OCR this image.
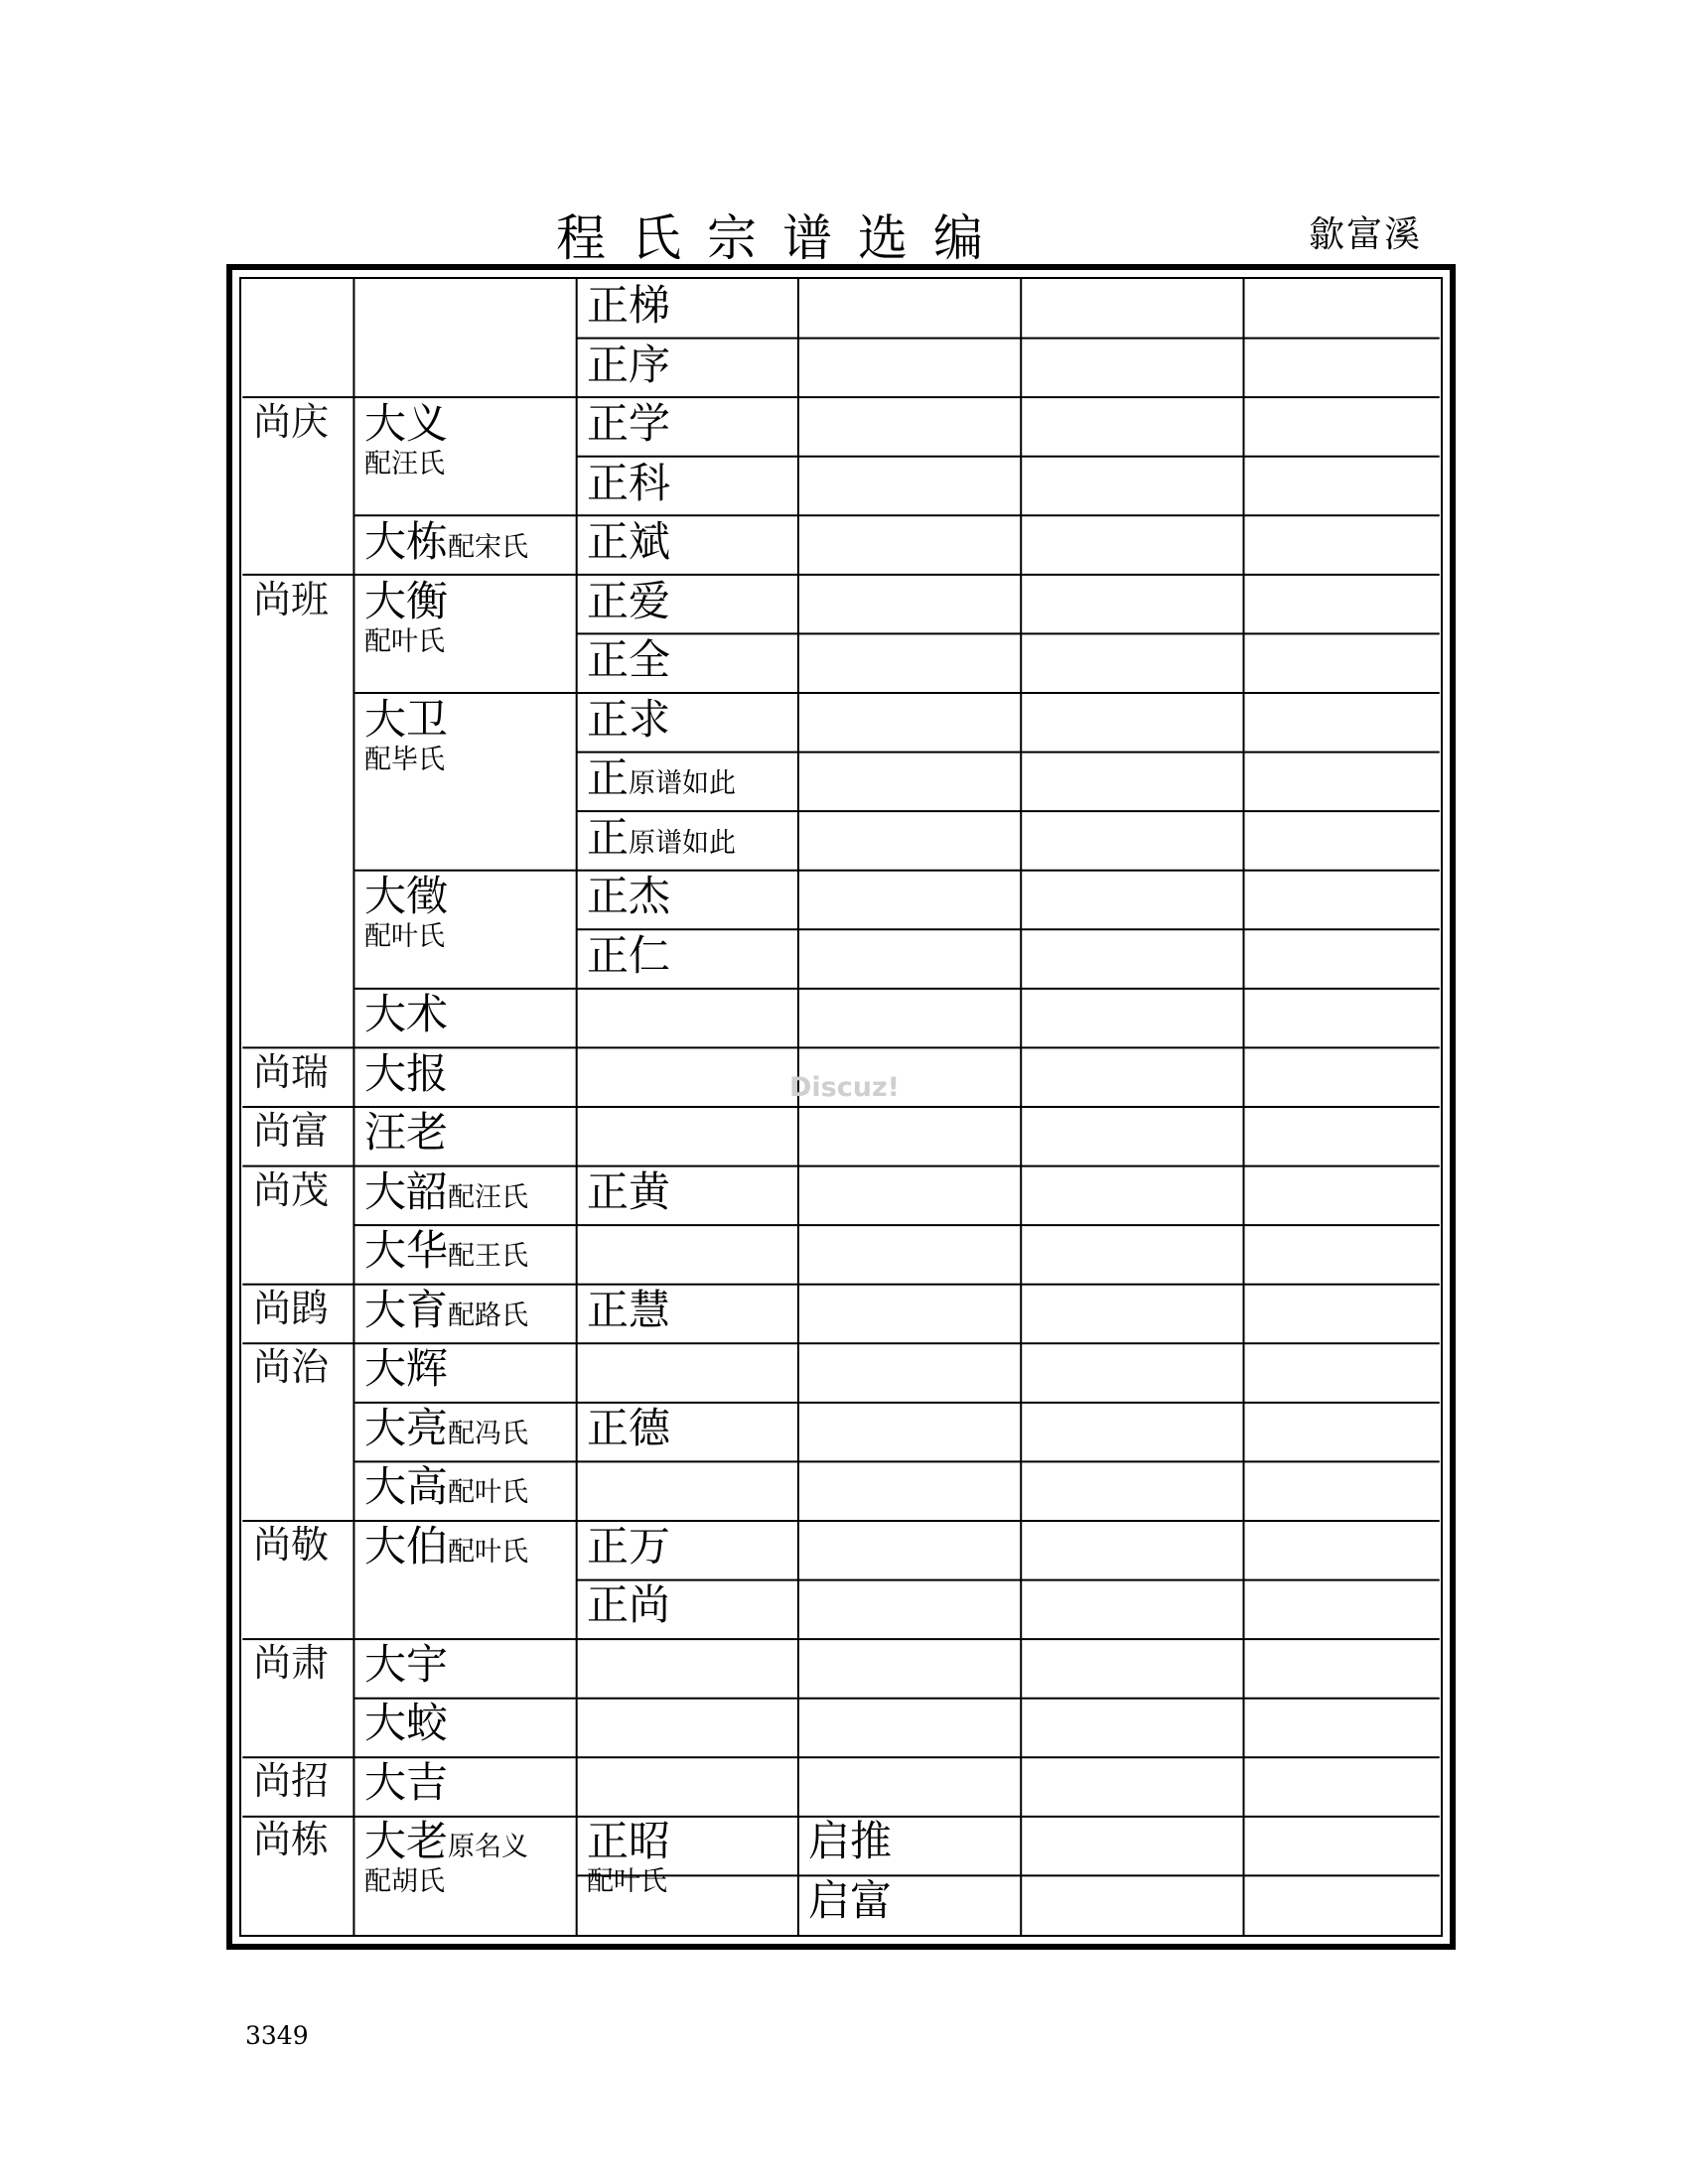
程氏宗谱选编	歙富溪
正梯
正序
尚庆 大义
配汪氏
正学
正科
大栋配宋氏 正斌
尚班 大衡
配叶氏
正爱
正全
大卫
配毕氏
正求
正原谱如此
正原谱如此
大徵
配叶氏
正杰
正仁
大术
尚瑞 大报
尚富 汪老
尚茂 大韶配汪氏 正黄
大华配王氏
尚鹍 大育配路氏 正慧
尚治 大辉
大亮配冯氏 正德
大高配叶氏
尚敬 大伯配叶氏 正万
正尚
尚肃 大宇
大蛟
尚招 大吉
尚栋 大老原名义
配胡氏
正昭
配叶氏
启推
启富
Discuz!
3349
